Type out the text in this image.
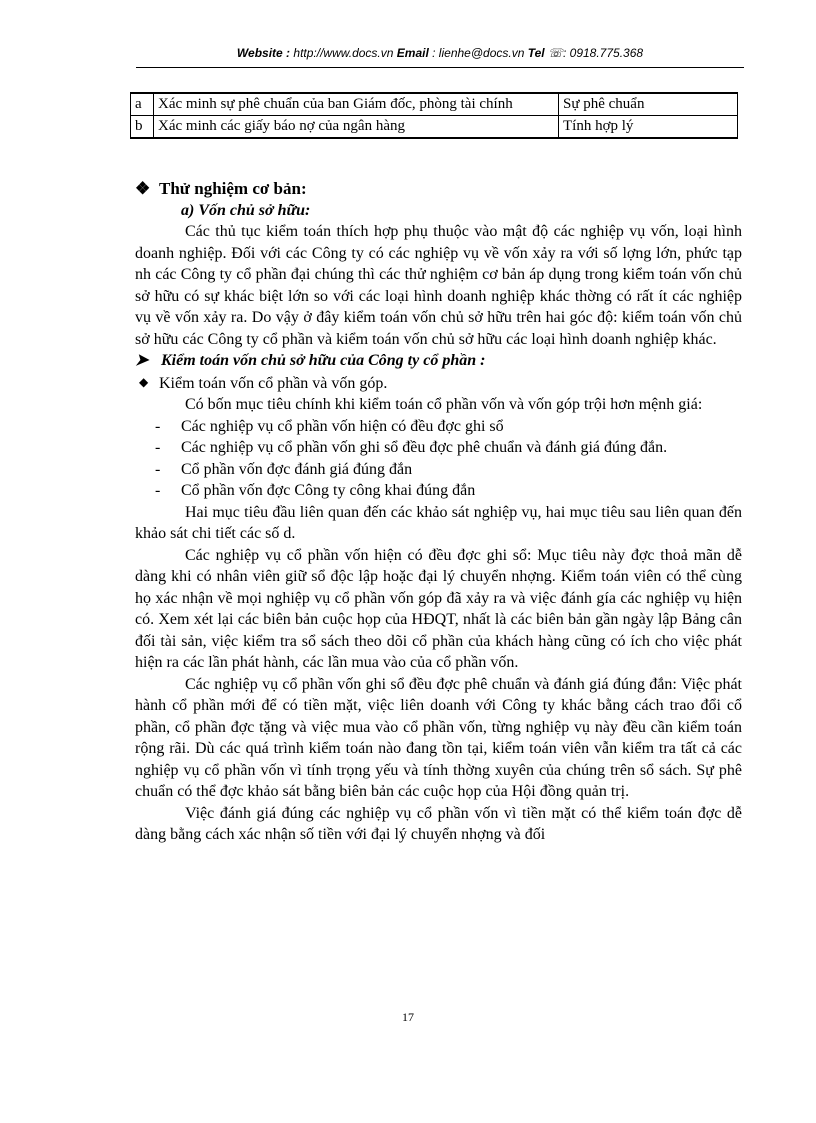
Website : http://www.docs.vn Email : lienhe@docs.vn Tel ☏: 0918.775.368
a	Xác minh sự phê chuẩn của ban Giám đốc, phòng tài chính	Sự phê chuẩn
b	Xác minh các giấy báo nợ của ngân hàng	Tính hợp lý

❖ Thử nghiệm cơ bản:

a) Vốn chủ sở hữu:

Các thủ tục kiểm toán thích hợp phụ thuộc vào mật độ các nghiệp vụ vốn, loại hình doanh nghiệp. Đối với các Công ty có các nghiệp vụ về vốn xảy ra với số lợng lớn, phức tạp nh các Công ty cổ phần đại chúng thì các thử nghiệm cơ bản áp dụng trong kiểm toán vốn chủ sở hữu có sự khác biệt lớn so với các loại hình doanh nghiệp khác thờng có rất ít các nghiệp vụ về vốn xảy ra. Do vậy ở đây kiểm toán vốn chủ sở hữu trên hai góc độ: kiểm toán vốn chủ sở hữu các Công ty cổ phần và kiểm toán vốn chủ sở hữu các loại hình doanh nghiệp khác.

➤ Kiểm toán vốn chủ sở hữu của Công ty cổ phần :

◆ Kiểm toán vốn cổ phần và vốn góp.

Có bốn mục tiêu chính khi kiểm toán cổ phần vốn và vốn góp trội hơn mệnh giá:

-	Các nghiệp vụ cổ phần vốn hiện có đều đợc ghi sổ
-	Các nghiệp vụ cổ phần vốn ghi sổ đều đợc phê chuẩn và đánh giá đúng đắn.
-	Cổ phần vốn đợc đánh giá đúng đắn
-	Cổ phần vốn đợc Công ty công khai đúng đắn

Hai mục tiêu đầu liên quan đến các khảo sát nghiệp vụ, hai mục tiêu sau liên quan đến khảo sát chi tiết các số d.

Các nghiệp vụ cổ phần vốn hiện có đều đợc ghi sổ: Mục tiêu này đợc thoả mãn dễ dàng khi có nhân viên giữ sổ độc lập hoặc đại lý chuyển nhợng. Kiểm toán viên có thể cùng họ xác nhận về mọi nghiệp vụ cổ phần vốn góp đã xảy ra và việc đánh gía các nghiệp vụ hiện có. Xem xét lại các biên bản cuộc họp của HĐQT, nhất là các biên bản gần ngày lập Bảng cân đối tài sản, việc kiểm tra sổ sách theo dõi cổ phần của khách hàng cũng có ích cho việc phát hiện ra các lần phát hành, các lần mua vào của cổ phần vốn.

Các nghiệp vụ cổ phần vốn ghi sổ đều đợc phê chuẩn và đánh giá đúng đắn: Việc phát hành cổ phần mới để có tiền mặt, việc liên doanh với Công ty khác bằng cách trao đổi cổ phần, cổ phần đợc tặng và việc mua vào cổ phần vốn, từng nghiệp vụ này đều cần kiểm toán rộng rãi. Dù các quá trình kiểm toán nào đang tồn tại, kiểm toán viên vẫn kiểm tra tất cả các nghiệp vụ cổ phần vốn vì tính trọng yếu và tính thờng xuyên của chúng trên sổ sách. Sự phê chuẩn có thể đợc khảo sát bằng biên bản các cuộc họp của Hội đồng quản trị.

Việc đánh giá đúng các nghiệp vụ cổ phần vốn vì tiền mặt có thể kiểm toán đợc dễ dàng bằng cách xác nhận số tiền với đại lý chuyển nhợng và đối

17
